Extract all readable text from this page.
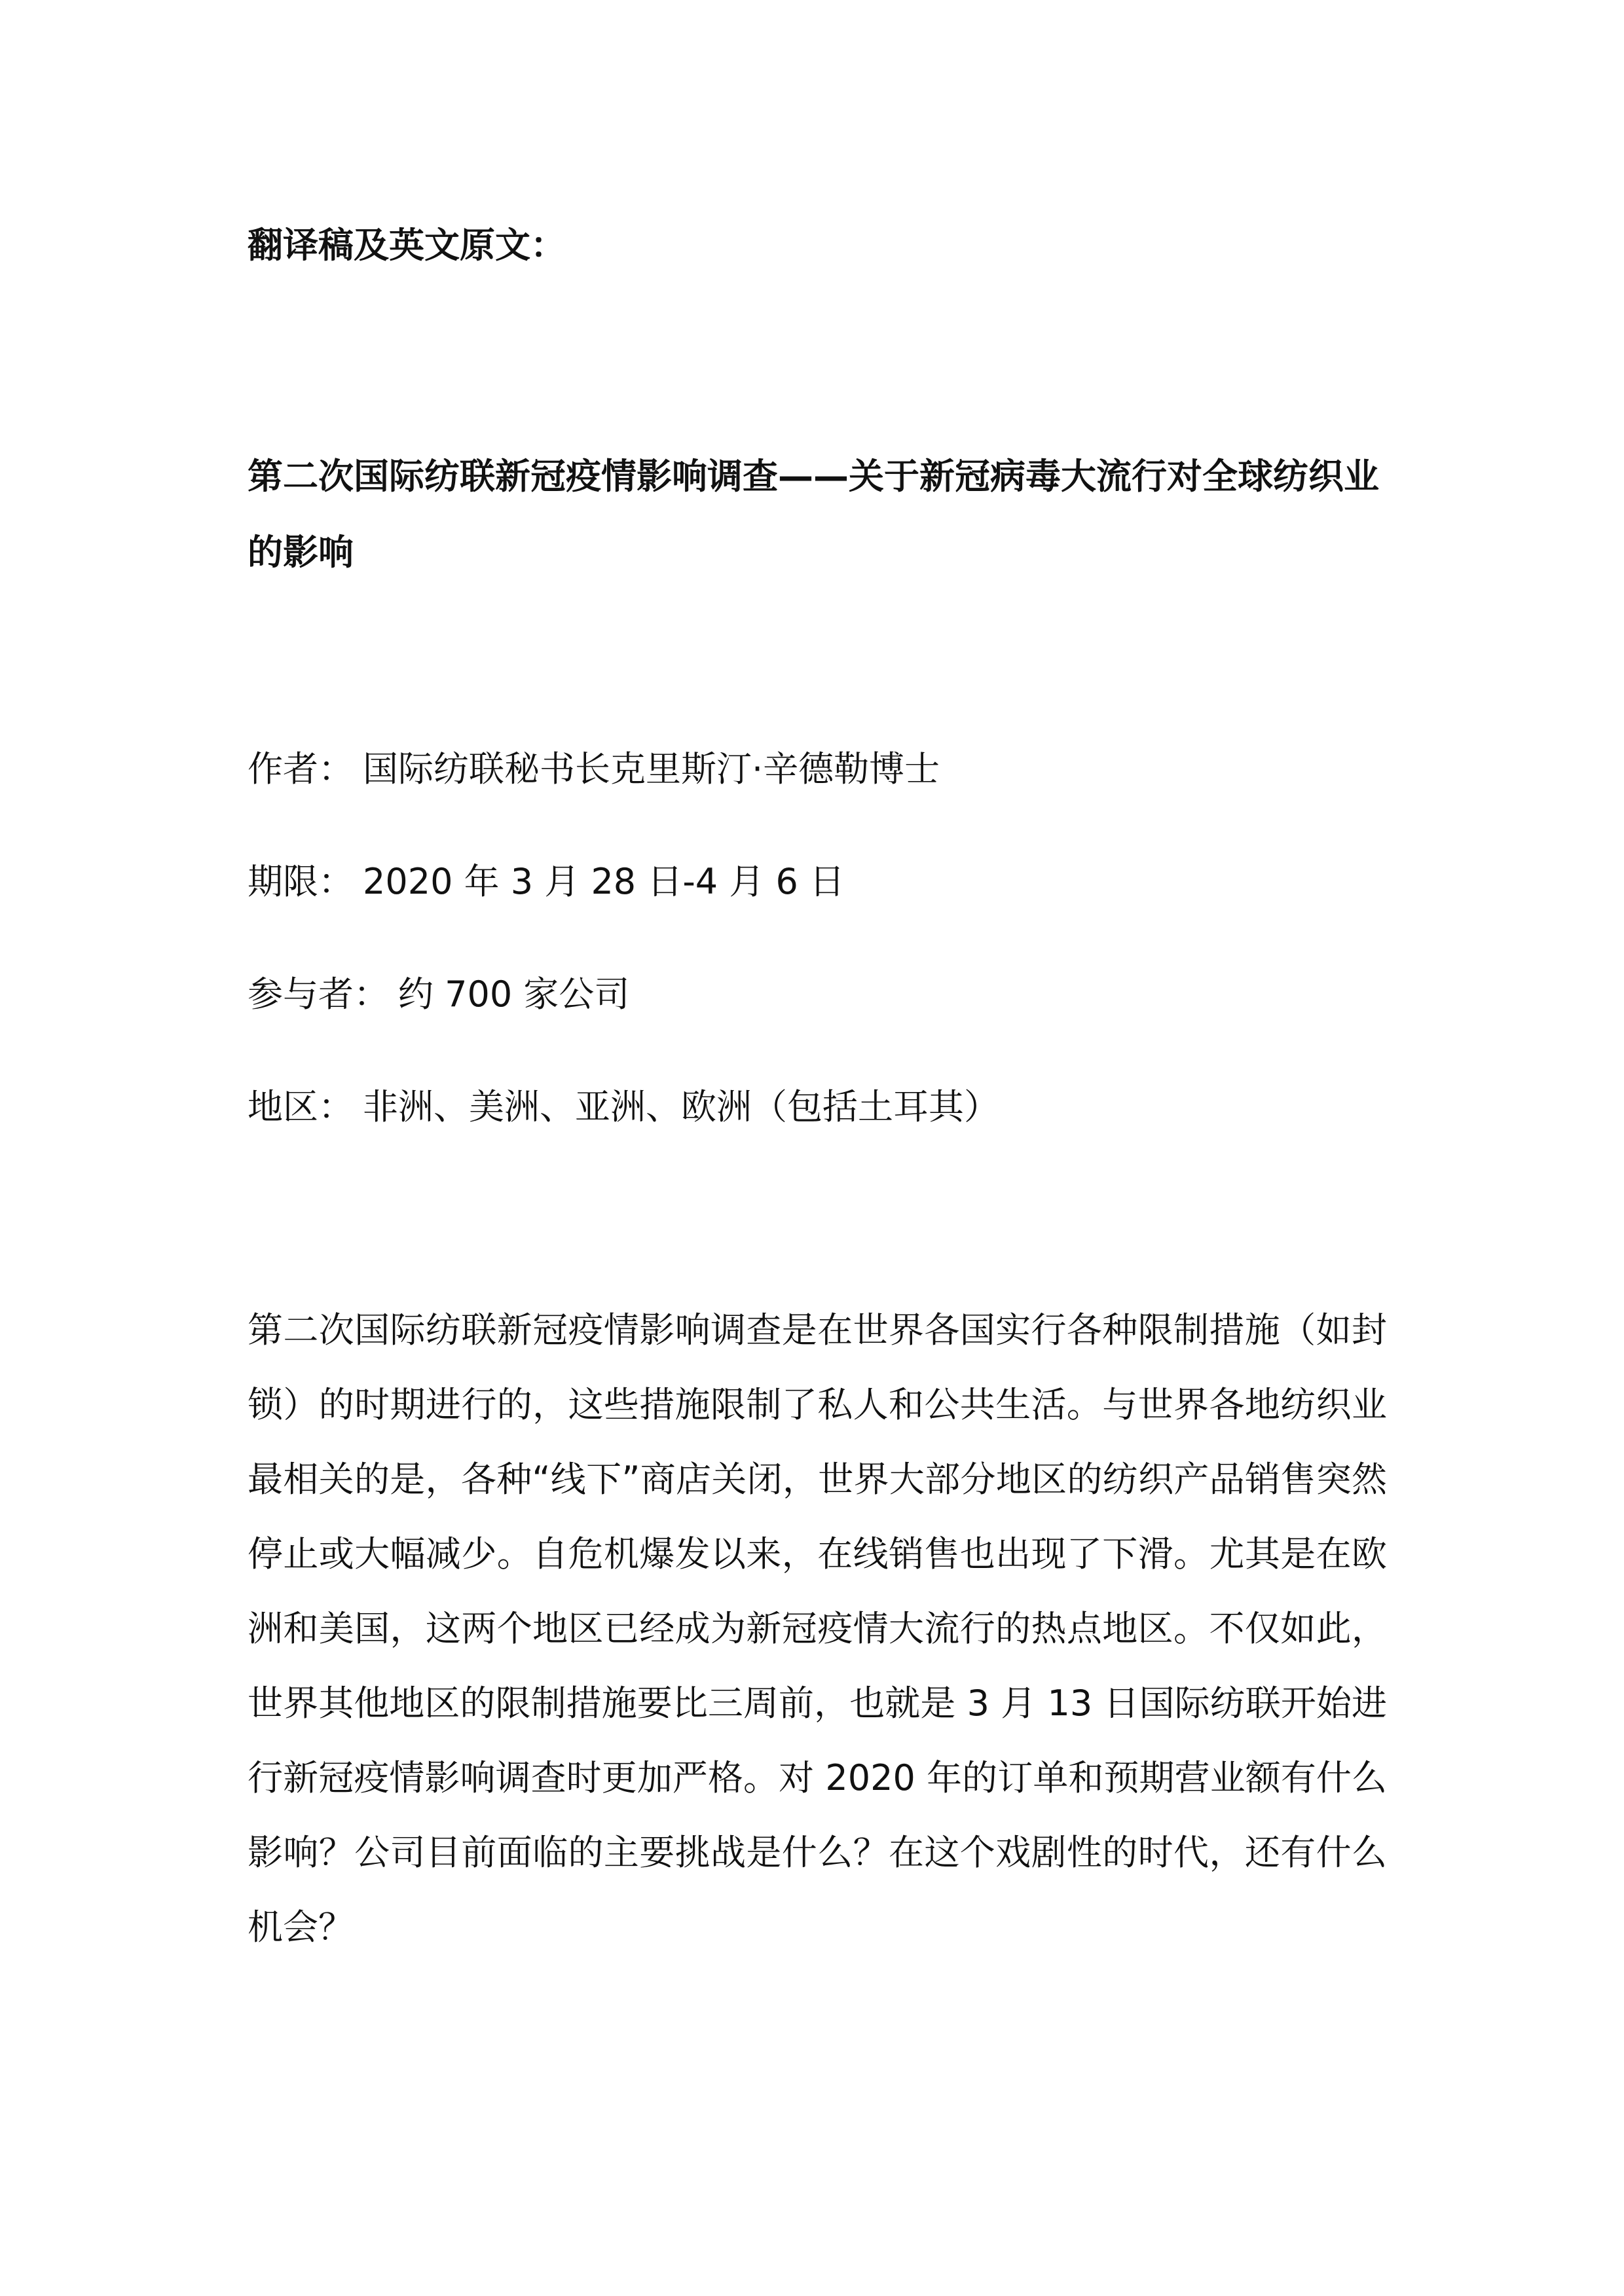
翻译稿及英文原文：
第二次国际纺联新冠疫情影响调查——关于新冠病毒大流行对全球纺织业的影响
作者： 国际纺联秘书长克里斯汀·辛德勒博士
期限： 2020 年 3 月 28 日-4 月 6 日
参与者： 约 700 家公司
地区： 非洲、美洲、亚洲、欧洲（包括土耳其）

第二次国际纺联新冠疫情影响调查是在世界各国实行各种限制措施（如封锁）的时期进行的，这些措施限制了私人和公共生活。与世界各地纺织业最相关的是，各种“线下”商店关闭，世界大部分地区的纺织产品销售突然停止或大幅减少。自危机爆发以来，在线销售也出现了下滑。尤其是在欧洲和美国，这两个地区已经成为新冠疫情大流行的热点地区。不仅如此，世界其他地区的限制措施要比三周前，也就是 3 月 13 日国际纺联开始进行新冠疫情影响调查时更加严格。对 2020 年的订单和预期营业额有什么影响？公司目前面临的主要挑战是什么？在这个戏剧性的时代，还有什么机会？
